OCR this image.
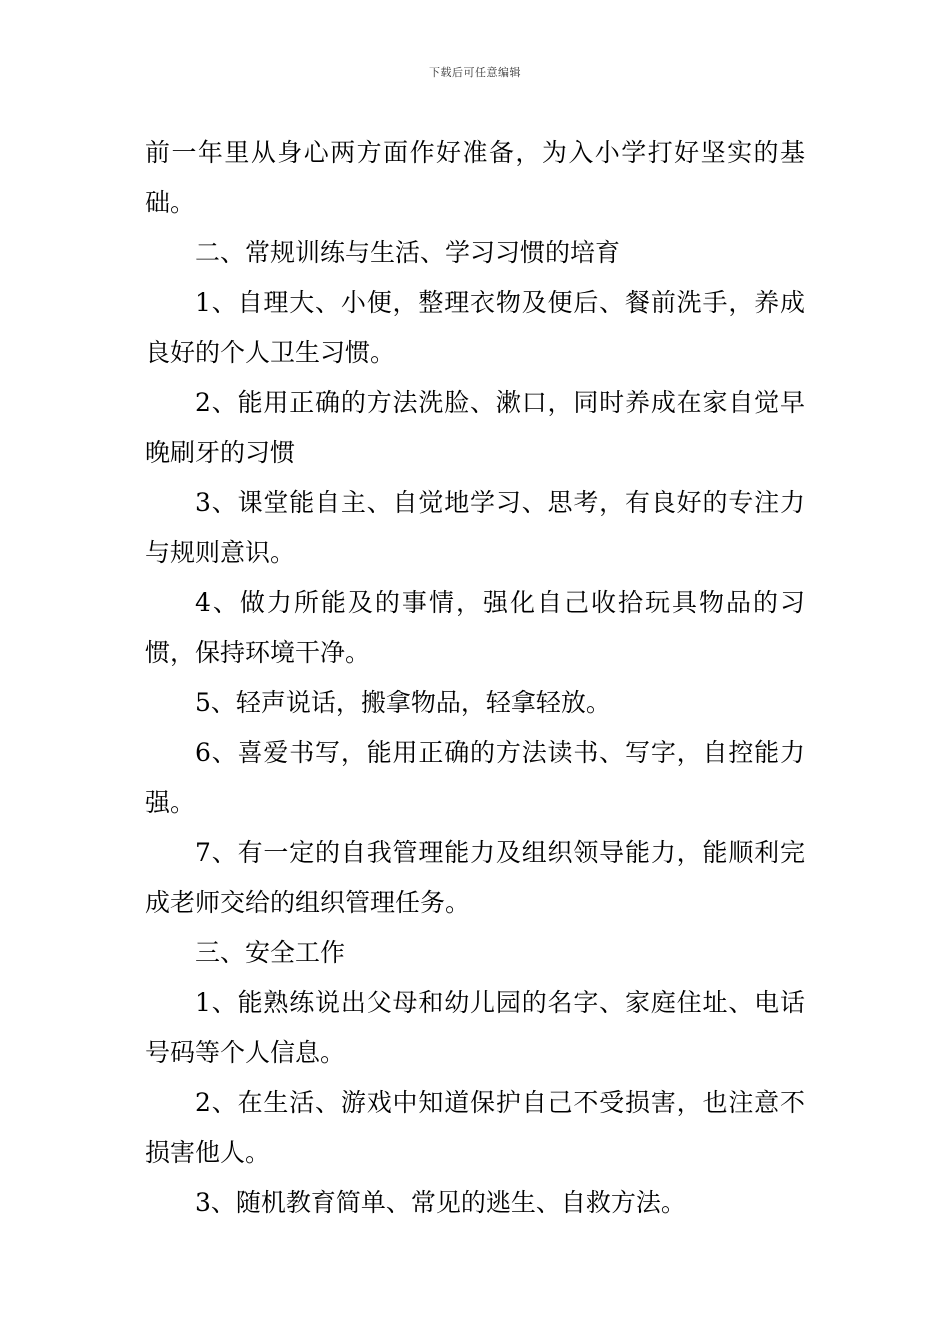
下载后可任意编辑

前一年里从身心两方面作好准备，为入小学打好坚实的基础。

二、常规训练与生活、学习习惯的培育

1、自理大、小便，整理衣物及便后、餐前洗手，养成良好的个人卫生习惯。

2、能用正确的方法洗脸、漱口，同时养成在家自觉早晚刷牙的习惯

3、课堂能自主、自觉地学习、思考，有良好的专注力与规则意识。

4、做力所能及的事情，强化自己收拾玩具物品的习惯，保持环境干净。

5、轻声说话，搬拿物品，轻拿轻放。

6、喜爱书写，能用正确的方法读书、写字，自控能力强。

7、有一定的自我管理能力及组织领导能力，能顺利完成老师交给的组织管理任务。

三、安全工作

1、能熟练说出父母和幼儿园的名字、家庭住址、电话号码等个人信息。

2、在生活、游戏中知道保护自己不受损害，也注意不损害他人。

3、随机教育简单、常见的逃生、自救方法。
